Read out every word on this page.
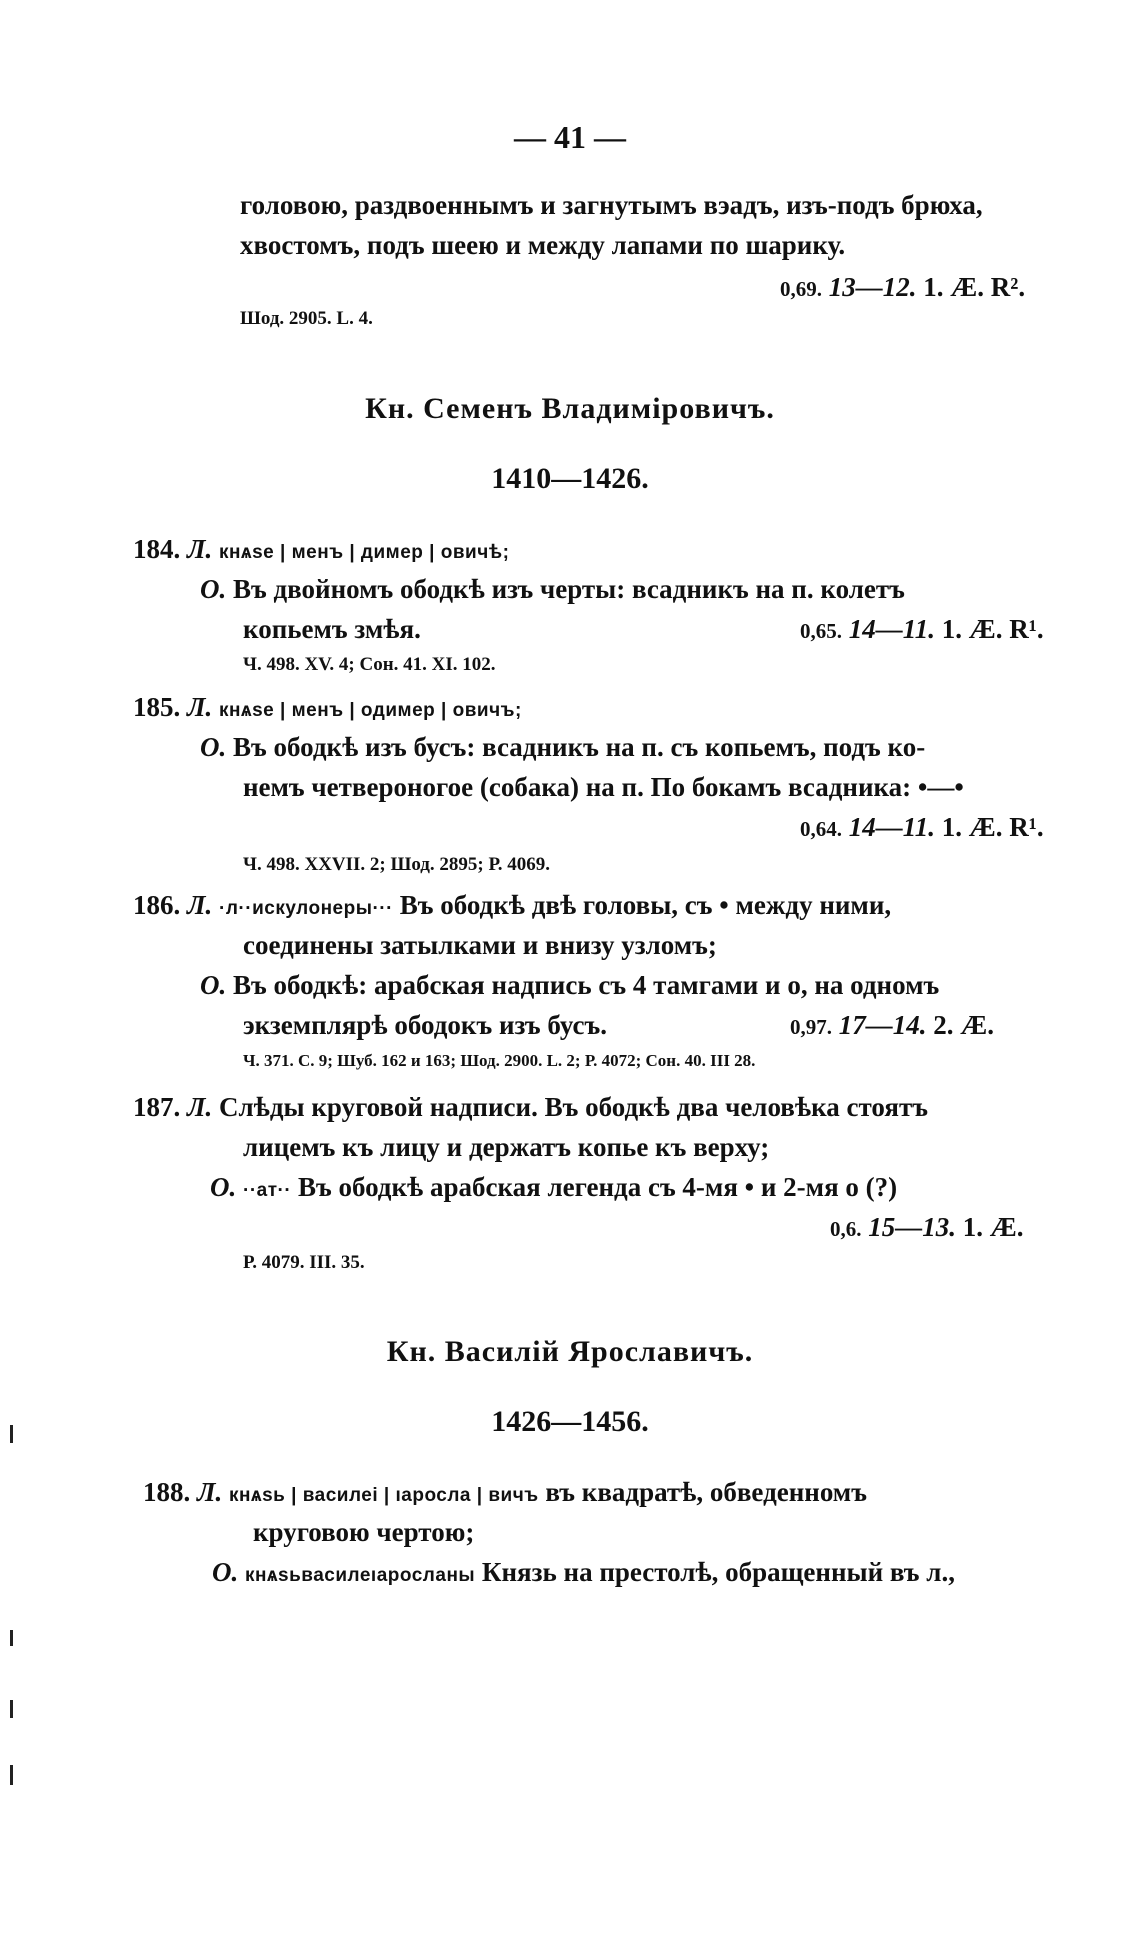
— 41 —
головою, раздвоеннымъ и загнутымъ вэадъ, изъ-подъ брюха,
хвостомъ, подъ шеею и между лапами по шарику.
0,69. 13—12. 1. Æ. R².
Шод. 2905. L. 4.
Кн. Семенъ Владимiровичъ.
1410—1426.
184. Л. кнѧѕе | менъ | димер | овичѣ;
О. Въ двойномъ ободкѣ изъ черты: всадникъ на п. колетъ
копьемъ змѣя.	0,65. 14—11. 1. Æ. R¹.
Ч. 498. XV. 4; Сон. 41. XI. 102.
185. Л. кнѧѕе | менъ | одимер | овичъ;
О. Въ ободкѣ изъ бусъ: всадникъ на п. съ копьемъ, подъ ко-
немъ четвероногое (собака) на п. По бокамъ всадника: •—•
0,64. 14—11. 1. Æ. R¹.
Ч. 498. XXVII. 2; Шод. 2895; Р. 4069.
186. Л. ·л··искулонеры··· Въ ободкѣ двѣ головы, съ • между ними,
соединены затылками и внизу узломъ;
О. Въ ободкѣ: арабская надпись съ 4 тамгами и о, на одномъ
экземплярѣ ободокъ изъ бусъ.	0,97. 17—14. 2. Æ.
Ч. 371. С. 9; Шуб. 162 и 163; Шод. 2900. L. 2; Р. 4072; Сон. 40. III 28.
187. Л. Слѣды круговой надписи. Въ ободкѣ два человѣка стоятъ
лицемъ къ лицу и держатъ копье къ верху;
О. ··ат·· Въ ободкѣ арабская легенда съ 4-мя • и 2-мя о (?)
0,6. 15—13. 1. Æ.
Р. 4079. III. 35.
Кн. Василiй Ярославичъ.
1426—1456.
188. Л. кнѧѕь | василеі | ıаросла | вичъ въ квадратѣ, обведенномъ
круговою чертою;
О. кнѧѕьвасилеıаросланы Князь на престолѣ, обращенный въ л.,
